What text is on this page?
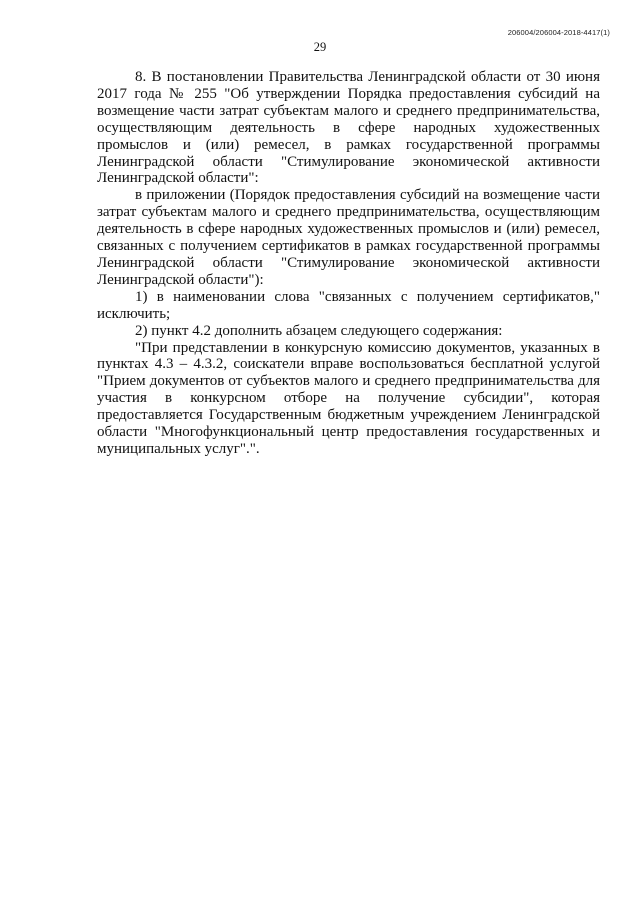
206004/206004-2018-4417(1)
29

8. В постановлении Правительства Ленинградской области от 30 июня 2017 года № 255 "Об утверждении Порядка предоставления субсидий на возмещение части затрат субъектам малого и среднего предпринимательства, осуществляющим деятельность в сфере народных художественных промыслов и (или) ремесел, в рамках государственной программы Ленинградской области "Стимулирование экономической активности Ленинградской области":

в приложении (Порядок предоставления субсидий на возмещение части затрат субъектам малого и среднего предпринимательства, осуществляющим деятельность в сфере народных художественных промыслов и (или) ремесел, связанных с получением сертификатов в рамках государственной программы Ленинградской области "Стимулирование экономической активности Ленинградской области"):

1) в наименовании слова "связанных с получением сертификатов," исключить;

2) пункт 4.2 дополнить абзацем следующего содержания:

"При представлении в конкурсную комиссию документов, указанных в пунктах 4.3 – 4.3.2, соискатели вправе воспользоваться бесплатной услугой "Прием документов от субъектов малого и среднего предпринимательства для участия в конкурсном отборе на получение субсидии", которая предоставляется Государственным бюджетным учреждением Ленинградской области "Многофункциональный центр предоставления государственных и муниципальных услуг".".
